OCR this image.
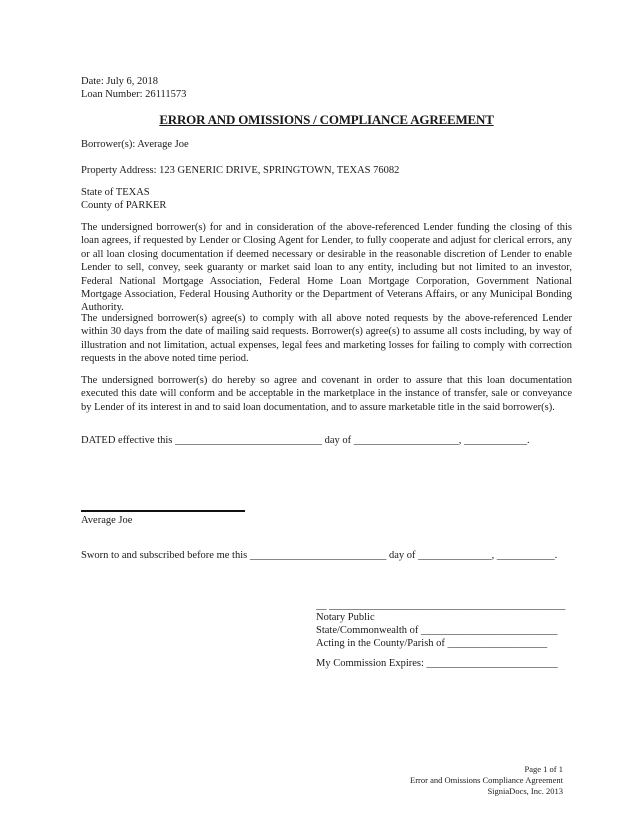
Date: July 6, 2018
Loan Number: 26111573
ERROR AND OMISSIONS / COMPLIANCE AGREEMENT
Borrower(s): Average Joe
Property Address: 123 GENERIC DRIVE, SPRINGTOWN, TEXAS 76082
State of TEXAS
County of PARKER
The undersigned borrower(s) for and in consideration of the above-referenced Lender funding the closing of this loan agrees, if requested by Lender or Closing Agent for Lender, to fully cooperate and adjust for clerical errors, any or all loan closing documentation if deemed necessary or desirable in the reasonable discretion of Lender to enable Lender to sell, convey, seek guaranty or market said loan to any entity, including but not limited to an investor, Federal National Mortgage Association, Federal Home Loan Mortgage Corporation, Government National Mortgage Association, Federal Housing Authority or the Department of Veterans Affairs, or any Municipal Bonding Authority.
The undersigned borrower(s) agree(s) to comply with all above noted requests by the above-referenced Lender within 30 days from the date of mailing said requests. Borrower(s) agree(s) to assume all costs including, by way of illustration and not limitation, actual expenses, legal fees and marketing losses for failing to comply with correction requests in the above noted time period.
The undersigned borrower(s) do hereby so agree and covenant in order to assure that this loan documentation executed this date will conform and be acceptable in the marketplace in the instance of transfer, sale or conveyance by Lender of its interest in and to said loan documentation, and to assure marketable title in the said borrower(s).
DATED effective this ____________________________ day of ____________________, ____________.
Average Joe
Sworn to and subscribed before me this __________________________ day of ______________, ___________.
__ _____________________________________________
Notary Public
State/Commonwealth of __________________________
Acting in the County/Parish of ___________________
My Commission Expires: _________________________
Page 1 of 1
Error and Omissions Compliance Agreement
SigniaDocs, Inc. 2013
